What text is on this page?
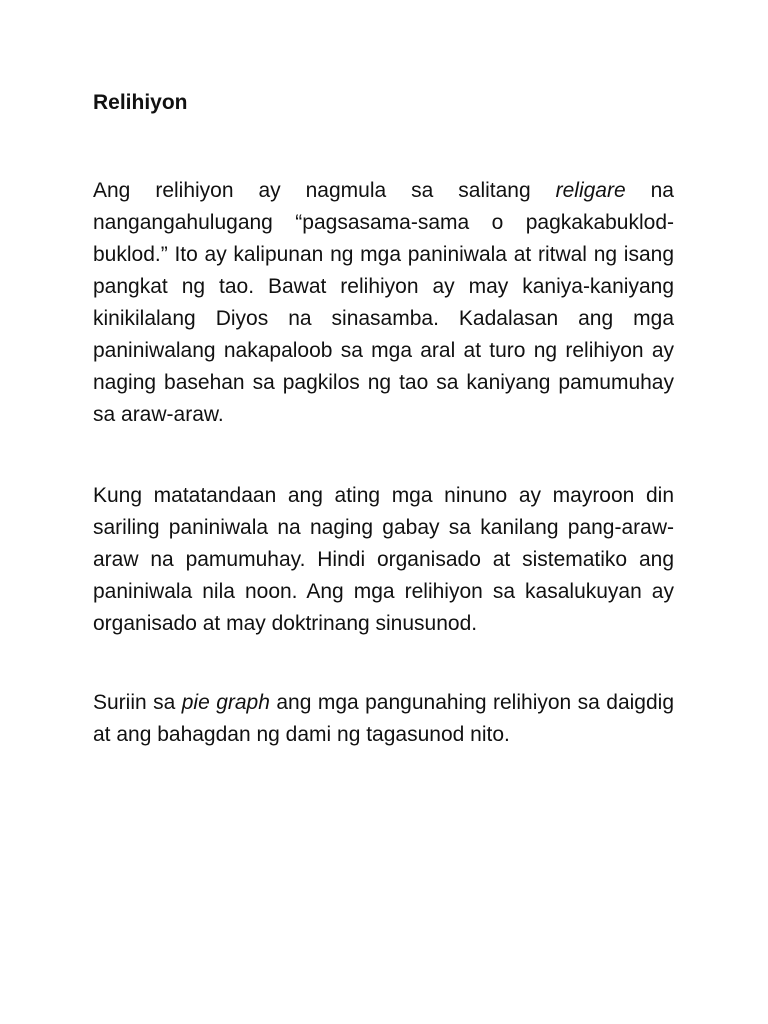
Relihiyon

Ang relihiyon ay nagmula sa salitang religare na nangangahulugang “pagsasama-sama o pagkakabuklod-buklod.” Ito ay kalipunan ng mga paniniwala at ritwal ng isang pangkat ng tao. Bawat relihiyon ay may kaniya-kaniyang kinikilalang Diyos na sinasamba. Kadalasan ang mga paniniwalang nakapaloob sa mga aral at turo ng relihiyon ay naging basehan sa pagkilos ng tao sa kaniyang pamumuhay sa araw-araw.

Kung matatandaan ang ating mga ninuno ay mayroon din sariling paniniwala na naging gabay sa kanilang pang-araw-araw na pamumuhay. Hindi organisado at sistematiko ang paniniwala nila noon. Ang mga relihiyon sa kasalukuyan ay organisado at may doktrinang sinusunod.

Suriin sa pie graph ang mga pangunahing relihiyon sa daigdig at ang bahagdan ng dami ng tagasunod nito.
